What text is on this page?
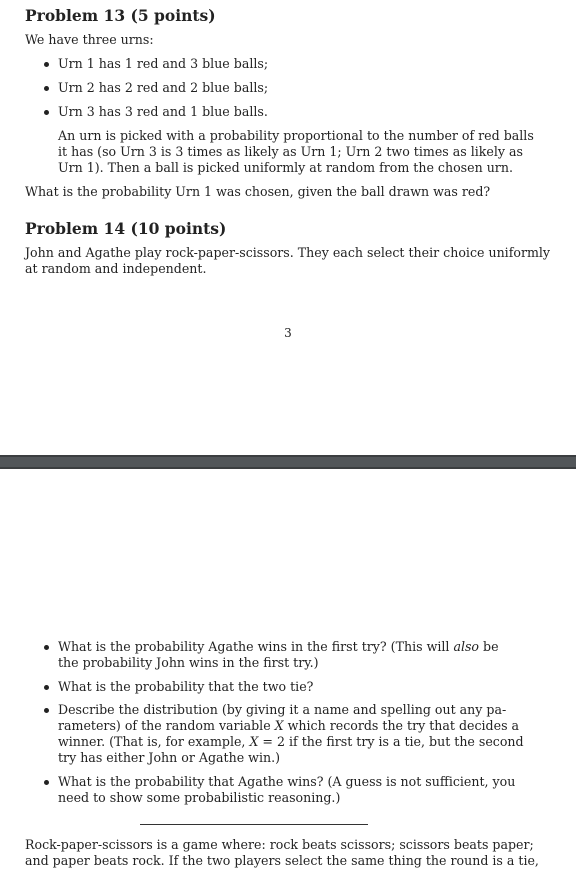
Problem 13 (5 points)

We have three urns:

Urn 1 has 1 red and 3 blue balls;

Urn 2 has 2 red and 2 blue balls;

Urn 3 has 3 red and 1 blue balls.

An urn is picked with a probability proportional to the number of red balls

it has (so Urn 3 is 3 times as likely as Urn 1; Urn 2 two times as likely as

Urn 1). Then a ball is picked uniformly at random from the chosen urn.

What is the probability Urn 1 was chosen, given the ball drawn was red?

Problem 14 (10 points)

John and Agathe play rock-paper-scissors. They each select their choice uniformly

at random and independent.

3

What is the probability Agathe wins in the first try? (This will also be

the probability John wins in the first try.)

What is the probability that the two tie?

Describe the distribution (by giving it a name and spelling out any pa-

rameters) of the random variable X which records the try that decides a

winner. (That is, for example, X = 2 if the first try is a tie, but the second

try has either John or Agathe win.)

What is the probability that Agathe wins? (A guess is not sufficient, you

need to show some probabilistic reasoning.)

Rock-paper-scissors is a game where: rock beats scissors; scissors beats paper;

and paper beats rock. If the two players select the same thing the round is a tie,
